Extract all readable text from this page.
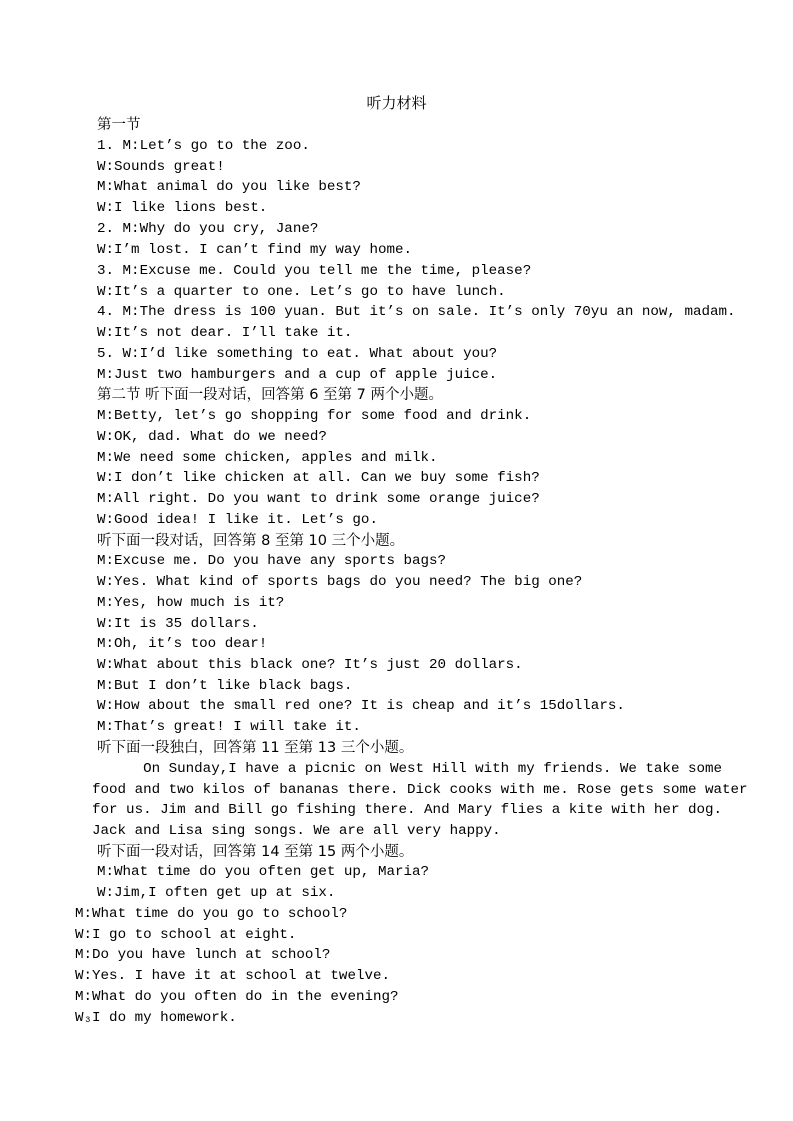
听力材料
第一节
1. M:Let’s go to the zoo.
W:Sounds great!
M:What animal do you like best?
W:I like lions best.
2. M:Why do you cry, Jane?
W:I’m lost. I can’t find my way home.
3. M:Excuse me. Could you tell me the time, please?
W:It’s a quarter to one. Let’s go to have lunch.
4. M:The dress is 100 yuan. But it’s on sale. It’s only 70yu an now, madam.
W:It’s not dear. I’ll take it.
5. W:I’d like something to eat. What about you?
M:Just two hamburgers and a cup of apple juice.
第二节 听下面一段对话，回答第 6 至第 7 两个小题。
M:Betty, let’s go shopping for some food and drink.
W:OK, dad. What do we need?
M:We need some chicken, apples and milk.
W:I don’t like chicken at all. Can we buy some fish?
M:All right. Do you want to drink some orange juice?
W:Good idea! I like it. Let’s go.
听下面一段对话，回答第 8 至第 10 三个小题。
M:Excuse me. Do you have any sports bags?
W:Yes. What kind of sports bags do you need? The big one?
M:Yes, how much is it?
W:It is 35 dollars.
M:Oh, it’s too dear!
W:What about this black one? It’s just 20 dollars.
M:But I don’t like black bags.
W:How about the small red one? It is cheap and it’s 15dollars.
M:That’s great! I will take it.
听下面一段独白，回答第 11 至第 13 三个小题。
On Sunday,I have a picnic on West Hill with my friends. We take some
food and two kilos of bananas there. Dick cooks with me. Rose gets some water
for us. Jim and Bill go fishing there. And Mary flies a kite with her dog.
Jack and Lisa sing songs. We are all very happy.
听下面一段对话，回答第 14 至第 15 两个小题。
M:What time do you often get up, Maria?
W:Jim,I often get up at six.
M:What time do you go to school?
W:I go to school at eight.
M:Do you have lunch at school?
W:Yes. I have it at school at twelve.
M:What do you often do in the evening?
W₃I do my homework.
